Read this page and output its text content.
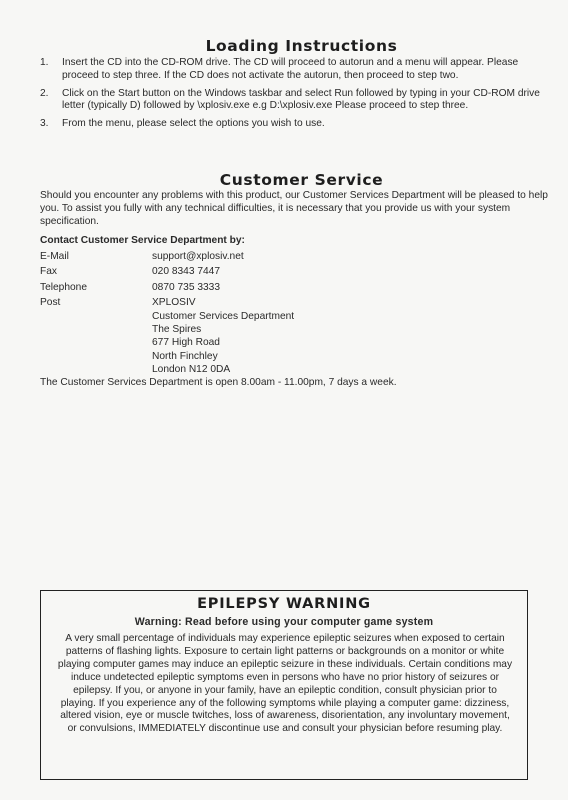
Loading Instructions
1.	Insert the CD into the CD-ROM drive. The CD will proceed to autorun and a menu will appear. Please proceed to step three. If the CD does not activate the autorun, then proceed to step two.
2.	Click on the Start button on the Windows taskbar and select Run followed by typing in your CD-ROM drive letter (typically D) followed by \xplosiv.exe e.g D:\xplosiv.exe Please proceed to step three.
3.	From the menu, please select the options you wish to use.
Customer Service
Should you encounter any problems with this product, our Customer Services Department will be pleased to help you. To assist you fully with any technical difficulties, it is necessary that you provide us with your system specification.
Contact Customer Service Department by:
E-Mail	support@xplosiv.net
Fax	020 8343 7447
Telephone	0870 735 3333
Post	XPLOSIV
Customer Services Department
The Spires
677 High Road
North Finchley
London N12 0DA
The Customer Services Department is open 8.00am - 11.00pm, 7 days a week.
EPILEPSY WARNING
Warning: Read before using your computer game system
A very small percentage of individuals may experience epileptic seizures when exposed to certain patterns of flashing lights. Exposure to certain light patterns or backgrounds on a monitor or white playing computer games may induce an epileptic seizure in these individuals. Certain conditions may induce undetected epileptic symptoms even in persons who have no prior history of seizures or epilepsy. If you, or anyone in your family, have an epileptic condition, consult physician prior to playing. If you experience any of the following symptoms while playing a computer game: dizziness, altered vision, eye or muscle twitches, loss of awareness, disorientation, any involuntary movement, or convulsions, IMMEDIATELY discontinue use and consult your physician before resuming play.
